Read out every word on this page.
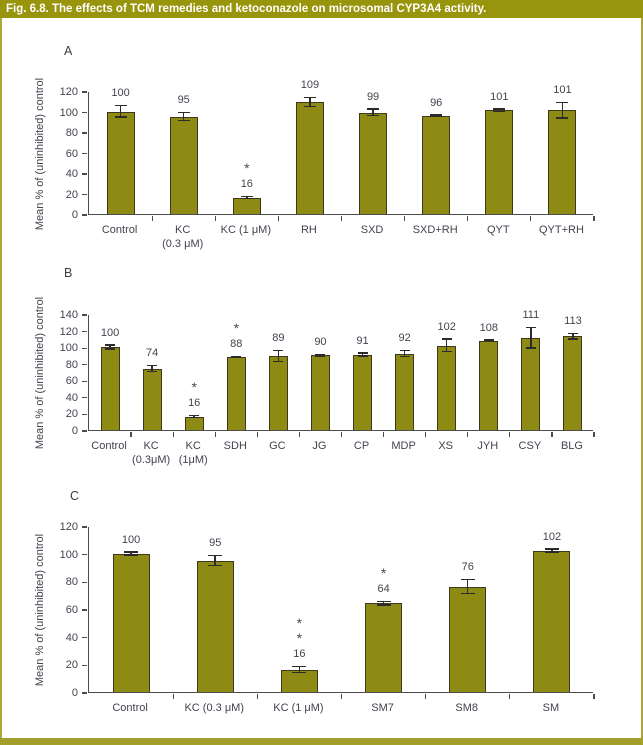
Fig. 6.8. The effects of TCM remedies and ketoconazole on microsomal CYP3A4 activity.
A
Mean % of (uninhibited) control	100
95
16
*
109
99	96	101
101
0
20
40
60
80
100
120
Control	KC
(0.3 μM)
KC (1 μM)	RH	SXD	SXD+RH	QYT	QYT+RH
B
Mean % of (uninhibited) control	100
74
16
*
88
*
89	90	91	92
102	108
111	113
0
20
40
60
80
100
120
140
Control	KC
(0.3μM)
KC
(1μM)
SDH	GC	JG	CP	MDP	XS	JYH	CSY	BLG
C
Mean % of (uninhibited) control	100	95
16
*
*
64
*	76
102
0
20
40
60
80
100
120
Control	KC (0.3 μM)	KC (1 μM)	SM7	SM8	SM
